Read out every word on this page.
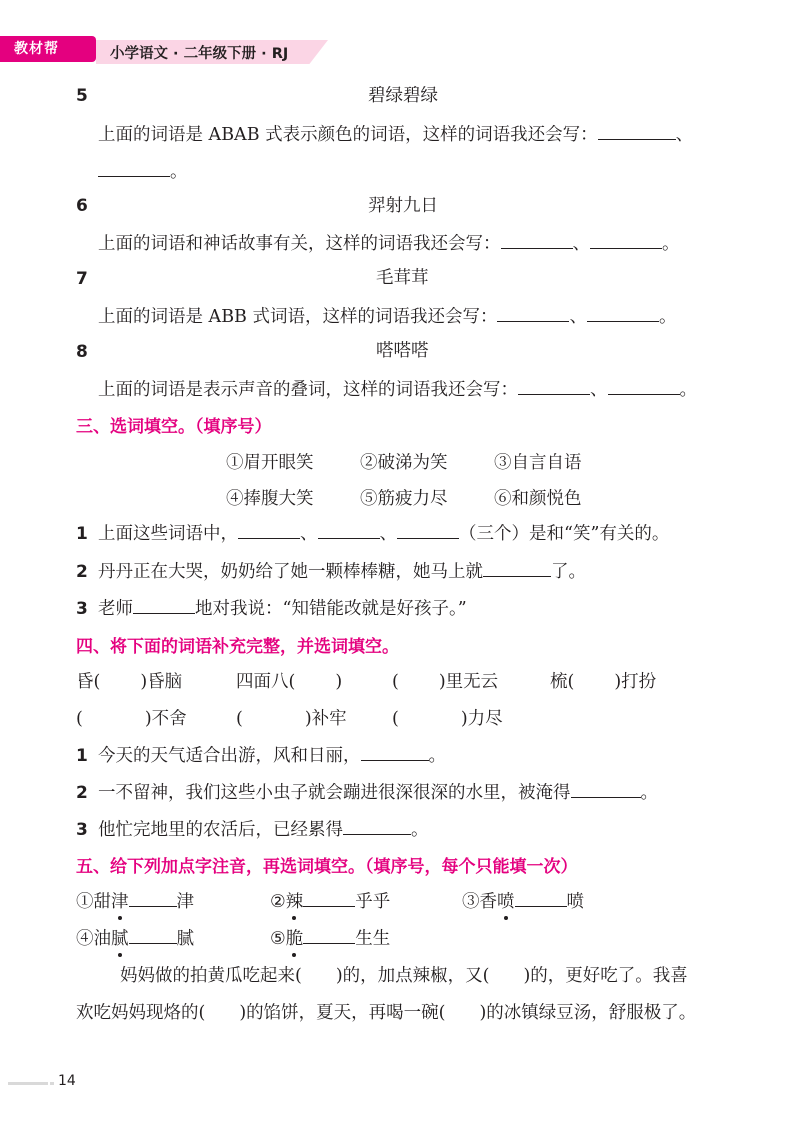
教材帮	小学语文 · 二年级下册 · RJ
5	碧绿碧绿
上面的词语是 ABAB 式表示颜色的词语，这样的词语我还会写：	、
。
6	羿射九日
上面的词语和神话故事有关，这样的词语我还会写：	、	。
7	毛茸茸
上面的词语是 ABB 式词语，这样的词语我还会写：	、	。
8	嗒嗒嗒
上面的词语是表示声音的叠词，这样的词语我还会写：	、	。
三、选词填空。（填序号）
①眉开眼笑	②破涕为笑	③自言自语
④捧腹大笑	⑤筋疲力尽	⑥和颜悦色
1 上面这些词语中，	、	、	（三个）是和“笑”有关的。
2 丹丹正在大哭，奶奶给了她一颗棒棒糖，她马上就	了。
3 老师	地对我说：“知错能改就是好孩子。”
四、将下面的词语补充完整，并选词填空。
昏( )昏脑	四面八( )	( )里无云	梳( )打扮
(	)不舍	(	)补牢	(	)力尽
1 今天的天气适合出游，风和日丽，	。
2 一不留神，我们这些小虫子就会蹦进很深很深的水里，被淹得	。
3 他忙完地里的农活后，已经累得	。
五、给下列加点字注音，再选词填空。（填序号，每个只能填一次）
①甜津	津	②辣	乎乎	③香喷	喷
④油腻	腻	⑤脆	生生
妈妈做的拍黄瓜吃起来( )的，加点辣椒，又( )的，更好吃了。我喜
欢吃妈妈现烙的( )的馅饼，夏天，再喝一碗( )的冰镇绿豆汤，舒服极了。
14
